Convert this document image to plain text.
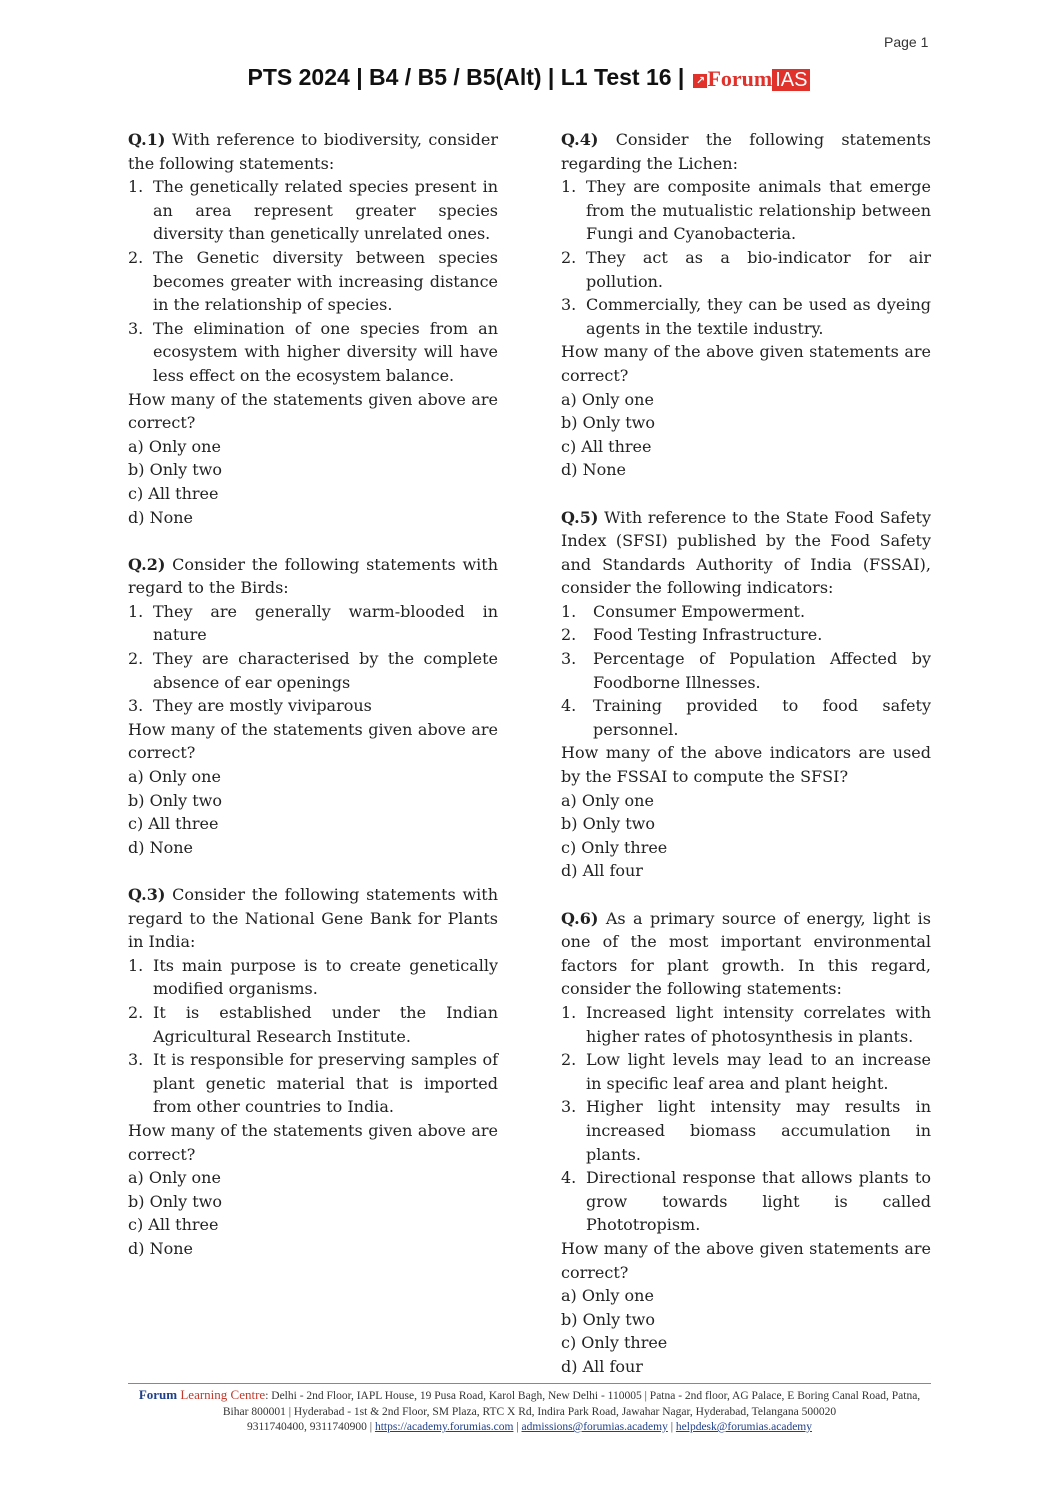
Page 1
PTS 2024 | B4 / B5 / B5(Alt) | L1 Test 16 | ↗ Forum IAS
Q.1) With reference to biodiversity, consider the following statements:
1. The genetically related species present in an area represent greater species diversity than genetically unrelated ones.
2. The Genetic diversity between species becomes greater with increasing distance in the relationship of species.
3. The elimination of one species from an ecosystem with higher diversity will have less effect on the ecosystem balance.
How many of the statements given above are correct?
a) Only one
b) Only two
c) All three
d) None
Q.2) Consider the following statements with regard to the Birds:
1. They are generally warm-blooded in nature
2. They are characterised by the complete absence of ear openings
3. They are mostly viviparous
How many of the statements given above are correct?
a) Only one
b) Only two
c) All three
d) None
Q.3) Consider the following statements with regard to the National Gene Bank for Plants in India:
1. Its main purpose is to create genetically modified organisms.
2. It is established under the Indian Agricultural Research Institute.
3. It is responsible for preserving samples of plant genetic material that is imported from other countries to India.
How many of the statements given above are correct?
a) Only one
b) Only two
c) All three
d) None
Q.4) Consider the following statements regarding the Lichen:
1. They are composite animals that emerge from the mutualistic relationship between Fungi and Cyanobacteria.
2. They act as a bio-indicator for air pollution.
3. Commercially, they can be used as dyeing agents in the textile industry.
How many of the above given statements are correct?
a) Only one
b) Only two
c) All three
d) None
Q.5) With reference to the State Food Safety Index (SFSI) published by the Food Safety and Standards Authority of India (FSSAI), consider the following indicators:
1.	Consumer Empowerment.
2.	Food Testing Infrastructure.
3.	Percentage of Population Affected by Foodborne Illnesses.
4.	Training provided to food safety personnel.
How many of the above indicators are used by the FSSAI to compute the SFSI?
a) Only one
b) Only two
c) Only three
d) All four
Q.6) As a primary source of energy, light is one of the most important environmental factors for plant growth. In this regard, consider the following statements:
1. Increased light intensity correlates with higher rates of photosynthesis in plants.
2. Low light levels may lead to an increase in specific leaf area and plant height.
3. Higher light intensity may results in increased biomass accumulation in plants.
4. Directional response that allows plants to grow towards light is called Phototropism.
How many of the above given statements are correct?
a) Only one
b) Only two
c) Only three
d) All four
Forum Learning Centre: Delhi - 2nd Floor, IAPL House, 19 Pusa Road, Karol Bagh, New Delhi - 110005 | Patna - 2nd floor, AG Palace, E Boring Canal Road, Patna, Bihar 800001 | Hyderabad - 1st & 2nd Floor, SM Plaza, RTC X Rd, Indira Park Road, Jawahar Nagar, Hyderabad, Telangana 500020
9311740400, 9311740900 | https://academy.forumias.com | admissions@forumias.academy | helpdesk@forumias.academy
